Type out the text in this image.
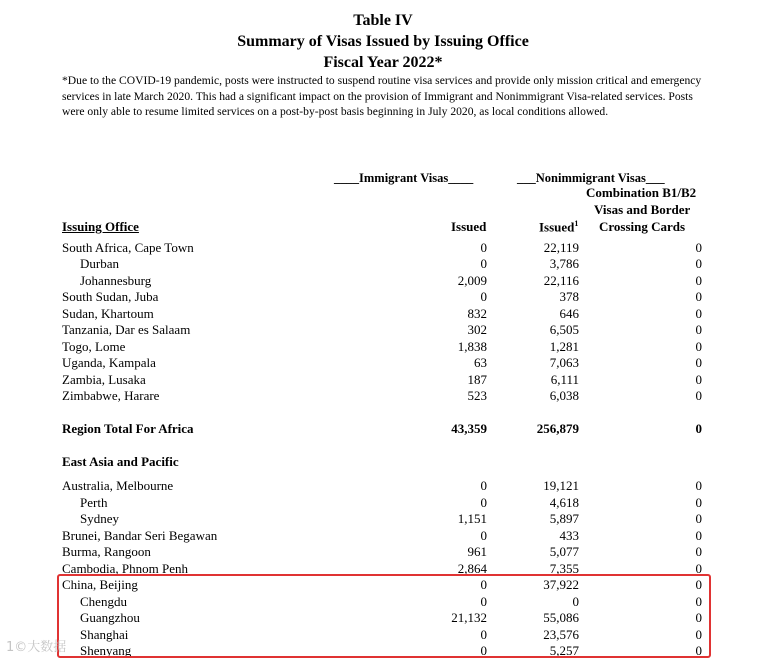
Table IV
Summary of Visas Issued by Issuing Office
Fiscal Year 2022*
*Due to the COVID-19 pandemic, posts were instructed to suspend routine visa services and provide only mission critical and emergency services in late March 2020. This had a significant impact on the provision of Immigrant and Nonimmigrant Visa-related services. Posts were only able to resume limited services on a post-by-post basis beginning in July 2020, as local conditions allowed.
____Immigrant Visas____	___Nonimmigrant Visas___
Combination B1/B2
Visas and Border
Crossing Cards
Issuing Office	Issued	Issued$^1$
South Africa, Cape Town	0	22,119	0
Durban	0	3,786	0
Johannesburg	2,009	22,116	0
South Sudan, Juba	0	378	0
Sudan, Khartoum	832	646	0
Tanzania, Dar es Salaam	302	6,505	0
Togo, Lome	1,838	1,281	0
Uganda, Kampala	63	7,063	0
Zambia, Lusaka	187	6,111	0
Zimbabwe, Harare	523	6,038	0
Region Total For Africa	43,359	256,879	0
East Asia and Pacific
Australia, Melbourne	0	19,121	0
Perth	0	4,618	0
Sydney	1,151	5,897	0
Brunei, Bandar Seri Begawan	0	433	0
Burma, Rangoon	961	5,077	0
Cambodia, Phnom Penh	2,864	7,355	0
China, Beijing	0	37,922	0
Chengdu	0	0	0
Guangzhou	21,132	55,086	0
Shanghai	0	23,576	0
Shenyang	0	5,257	0
1©大数据
